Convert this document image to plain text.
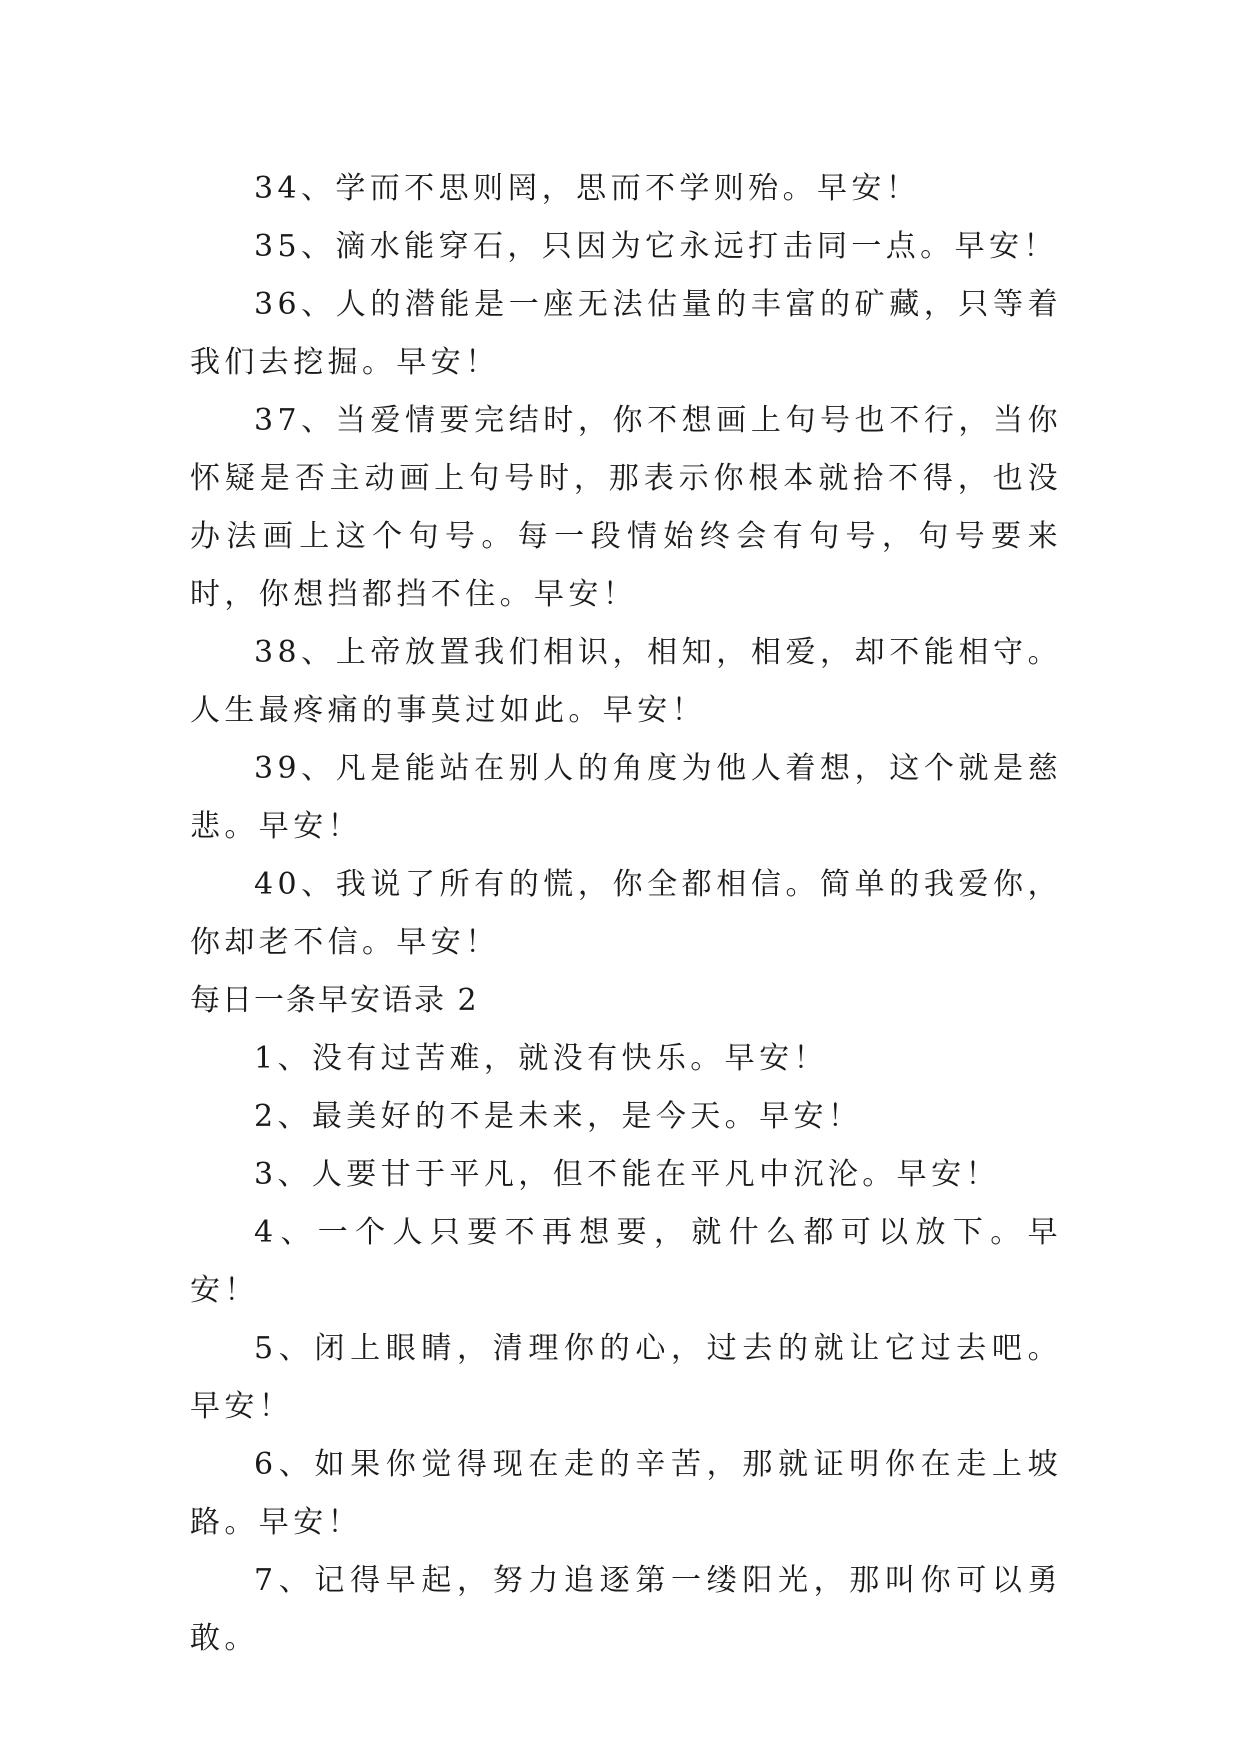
34、学而不思则罔，思而不学则殆。早安！

35、滴水能穿石，只因为它永远打击同一点。早安！

36、人的潜能是一座无法估量的丰富的矿藏，只等着我们去挖掘。早安！

37、当爱情要完结时，你不想画上句号也不行，当你怀疑是否主动画上句号时，那表示你根本就拾不得，也没办法画上这个句号。每一段情始终会有句号，句号要来时，你想挡都挡不住。早安！

38、上帝放置我们相识，相知，相爱，却不能相守。人生最疼痛的事莫过如此。早安！

39、凡是能站在别人的角度为他人着想，这个就是慈悲。早安！

40、我说了所有的慌，你全都相信。简单的我爱你，你却老不信。早安！

每日一条早安语录 2

1、没有过苦难，就没有快乐。早安！

2、最美好的不是未来，是今天。早安！

3、人要甘于平凡，但不能在平凡中沉沦。早安！

4、一个人只要不再想要，就什么都可以放下。早安！

5、闭上眼睛，清理你的心，过去的就让它过去吧。早安！

6、如果你觉得现在走的辛苦，那就证明你在走上坡路。早安！

7、记得早起，努力追逐第一缕阳光，那叫你可以勇敢。
